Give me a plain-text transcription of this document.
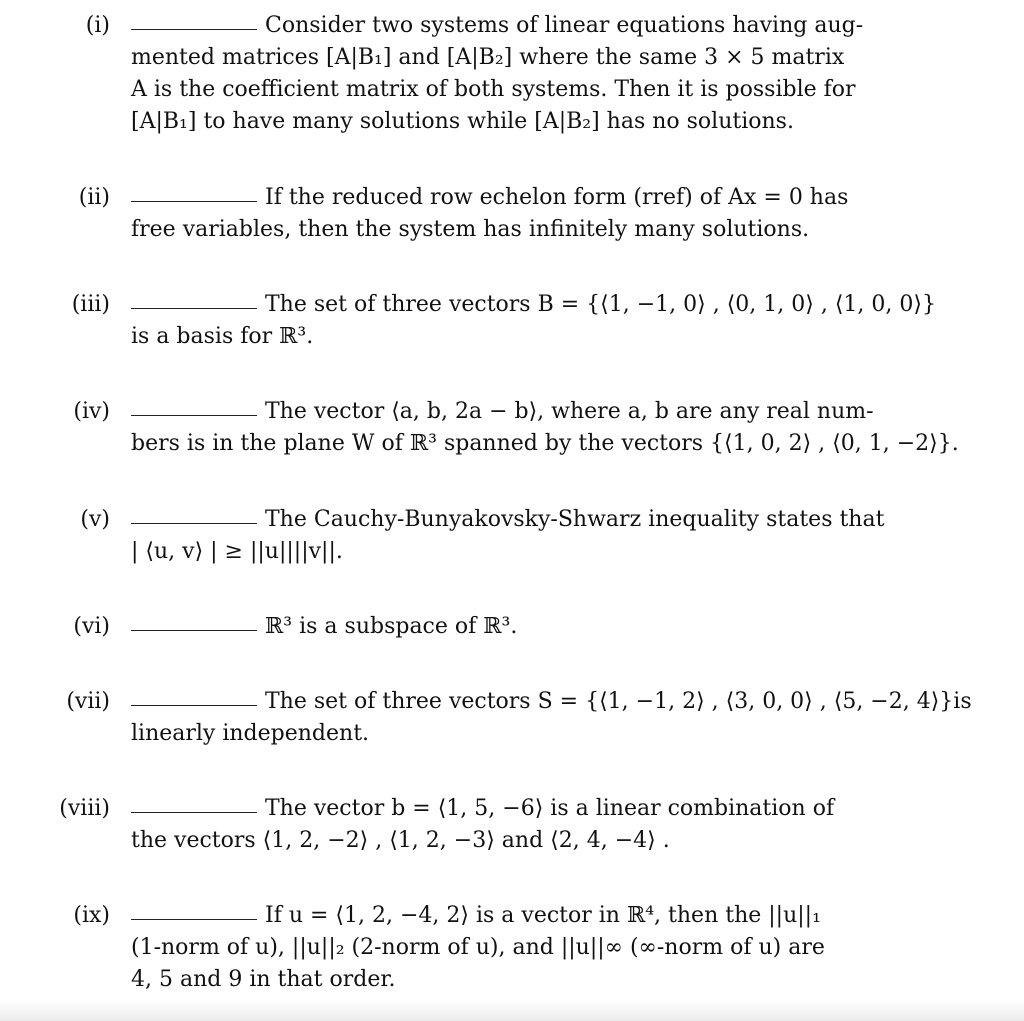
(i)	Consider two systems of linear equations having aug-
mented matrices [A|B₁] and [A|B₂] where the same 3 × 5 matrix
A is the coefficient matrix of both systems. Then it is possible for
[A|B₁] to have many solutions while [A|B₂] has no solutions.
(ii)	If the reduced row echelon form (rref) of Ax = 0 has
free variables, then the system has infinitely many solutions.
(iii)	The set of three vectors B = {⟨1, −1, 0⟩ , ⟨0, 1, 0⟩ , ⟨1, 0, 0⟩}
is a basis for ℝ³.
(iv)	The vector ⟨a, b, 2a − b⟩, where a, b are any real num-
bers is in the plane W of ℝ³ spanned by the vectors {⟨1, 0, 2⟩ , ⟨0, 1, −2⟩}.
(v)	The Cauchy-Bunyakovsky-Shwarz inequality states that
| ⟨u, v⟩ | ≥ ||u||||v||.
(vi)	ℝ³ is a subspace of ℝ³.
(vii)	The set of three vectors S = {⟨1, −1, 2⟩ , ⟨3, 0, 0⟩ , ⟨5, −2, 4⟩}is
linearly independent.
(viii)	The vector b = ⟨1, 5, −6⟩ is a linear combination of
the vectors ⟨1, 2, −2⟩ , ⟨1, 2, −3⟩ and ⟨2, 4, −4⟩ .
(ix)	If u = ⟨1, 2, −4, 2⟩ is a vector in ℝ⁴, then the ||u||₁
(1-norm of u), ||u||₂ (2-norm of u), and ||u||∞ (∞-norm of u) are
4, 5 and 9 in that order.
